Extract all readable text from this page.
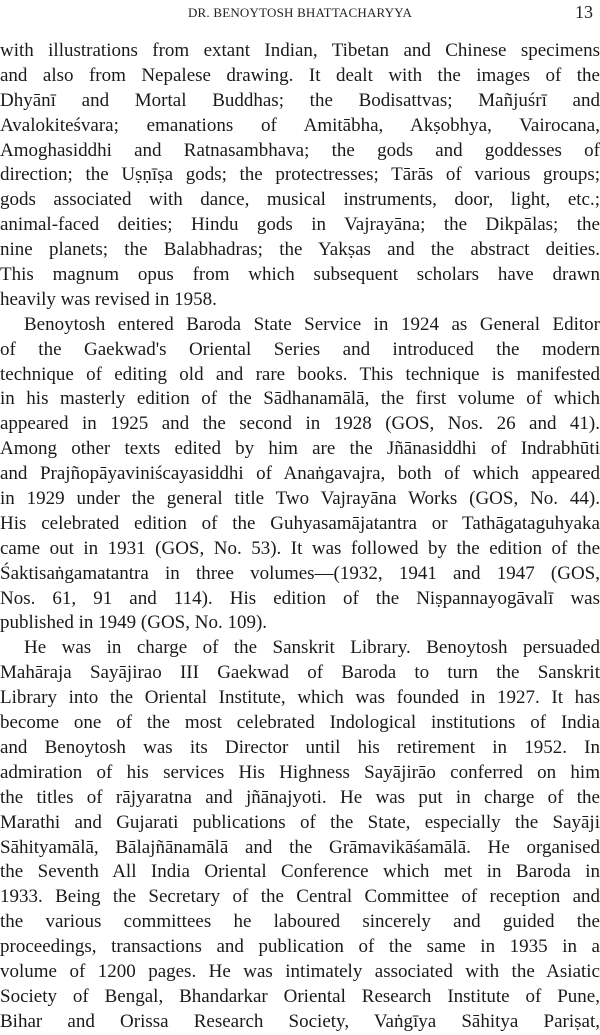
DR. BENOYTOSH BHATTACHARYYA	13
with illustrations from extant Indian, Tibetan and Chinese specimens
and also from Nepalese drawing. It dealt with the images of the
Dhyānī and Mortal Buddhas; the Bodisattvas; Mañjuśrī and
Avalokiteśvara; emanations of Amitābha, Akṣobhya, Vairocana,
Amoghasiddhi and Ratnasambhava; the gods and goddesses of
direction; the Uṣṇīṣa gods; the protectresses; Tārās of various groups;
gods associated with dance, musical instruments, door, light, etc.;
animal-faced deities; Hindu gods in Vajrayāna; the Dikpālas; the
nine planets; the Balabhadras; the Yakṣas and the abstract deities.
This magnum opus from which subsequent scholars have drawn
heavily was revised in 1958.
Benoytosh entered Baroda State Service in 1924 as General Editor
of the Gaekwad's Oriental Series and introduced the modern
technique of editing old and rare books. This technique is manifested
in his masterly edition of the Sādhanamālā, the first volume of which
appeared in 1925 and the second in 1928 (GOS, Nos. 26 and 41).
Among other texts edited by him are the Jñānasiddhi of Indrabhūti
and Prajñopāyaviniścayasiddhi of Anaṅgavajra, both of which appeared
in 1929 under the general title Two Vajrayāna Works (GOS, No. 44).
His celebrated edition of the Guhyasamājatantra or Tathāgataguhyaka
came out in 1931 (GOS, No. 53). It was followed by the edition of the
Śaktisaṅgamatantra in three volumes—(1932, 1941 and 1947 (GOS,
Nos. 61, 91 and 114). His edition of the Niṣpannayogāvalī was
published in 1949 (GOS, No. 109).
He was in charge of the Sanskrit Library. Benoytosh persuaded
Mahāraja Sayājirao III Gaekwad of Baroda to turn the Sanskrit
Library into the Oriental Institute, which was founded in 1927. It has
become one of the most celebrated Indological institutions of India
and Benoytosh was its Director until his retirement in 1952. In
admiration of his services His Highness Sayājirāo conferred on him
the titles of rājyaratna and jñānajyoti. He was put in charge of the
Marathi and Gujarati publications of the State, especially the Sayāji
Sāhityamālā, Bālajñānamālā and the Grāmavikāśamālā. He organised
the Seventh All India Oriental Conference which met in Baroda in
1933. Being the Secretary of the Central Committee of reception and
the various committees he laboured sincerely and guided the
proceedings, transactions and publication of the same in 1935 in a
volume of 1200 pages. He was intimately associated with the Asiatic
Society of Bengal, Bhandarkar Oriental Research Institute of Pune,
Bihar and Orissa Research Society, Vaṅgīya Sāhitya Pariṣat,
